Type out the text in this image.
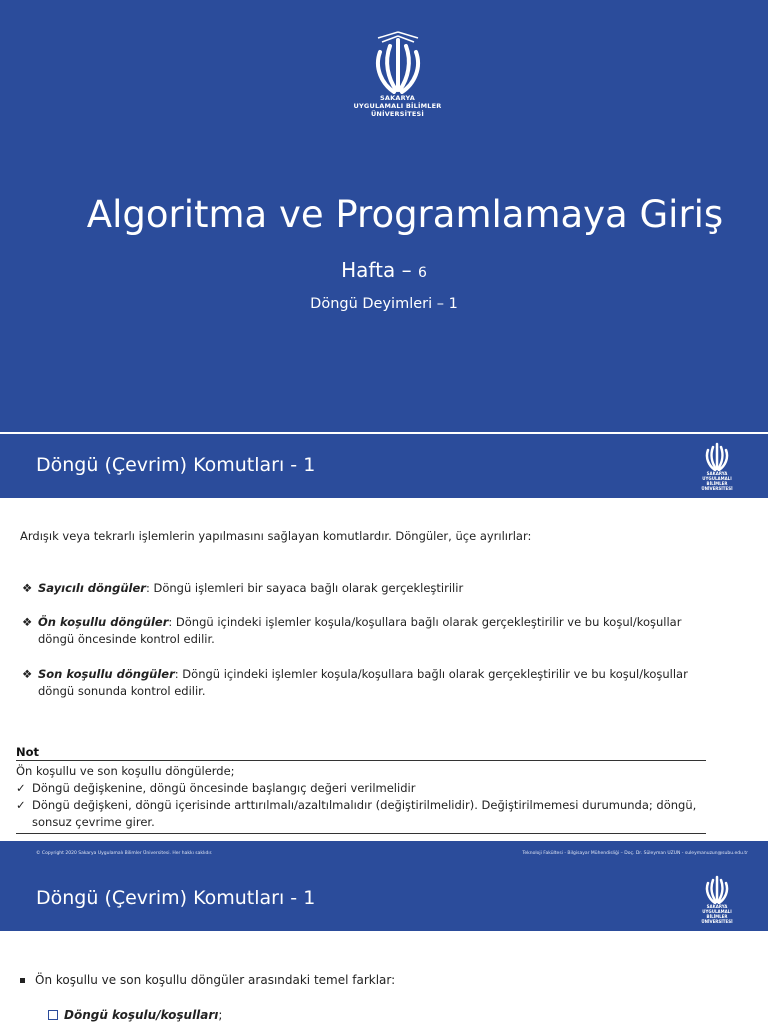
SAKARYA
UYGULAMALI BİLİMLER
ÜNİVERSİTESİ
Algoritma ve Programlamaya Giriş
Hafta – 6
Döngü Deyimleri – 1
Döngü (Çevrim) Komutları - 1	SAKARYA
UYGULAMALI BİLİMLER
ÜNİVERSİTESİ
Ardışık veya tekrarlı işlemlerin yapılmasını sağlayan komutlardır. Döngüler, üçe ayrılırlar:
❖ Sayıcılı döngüler: Döngü işlemleri bir sayaca bağlı olarak gerçekleştirilir
❖ Ön koşullu döngüler: Döngü içindeki işlemler koşula/koşullara bağlı olarak gerçekleştirilir ve bu koşul/koşullar
döngü öncesinde kontrol edilir.
❖ Son koşullu döngüler: Döngü içindeki işlemler koşula/koşullara bağlı olarak gerçekleştirilir ve bu koşul/koşullar
döngü sonunda kontrol edilir.
Not
Ön koşullu ve son koşullu döngülerde;
✓ Döngü değişkenine, döngü öncesinde başlangıç değeri verilmelidir
✓ Döngü değişkeni, döngü içerisinde arttırılmalı/azaltılmalıdır (değiştirilmelidir). Değiştirilmemesi durumunda; döngü,
sonsuz çevrime girer.
© Copyright 2020 Sakarya Uygulamalı Bilimler Üniversitesi. Her hakkı saklıdır.	Teknoloji Fakültesi - Bilgisayar Mühendisliği – Doç. Dr. Süleyman UZUN - suleymanuzun@subu.edu.tr
Döngü (Çevrim) Komutları - 1	SAKARYA
UYGULAMALI BİLİMLER
ÜNİVERSİTESİ
Ön koşullu ve son koşullu döngüler arasındaki temel farklar:
Döngü koşulu/koşulları;
